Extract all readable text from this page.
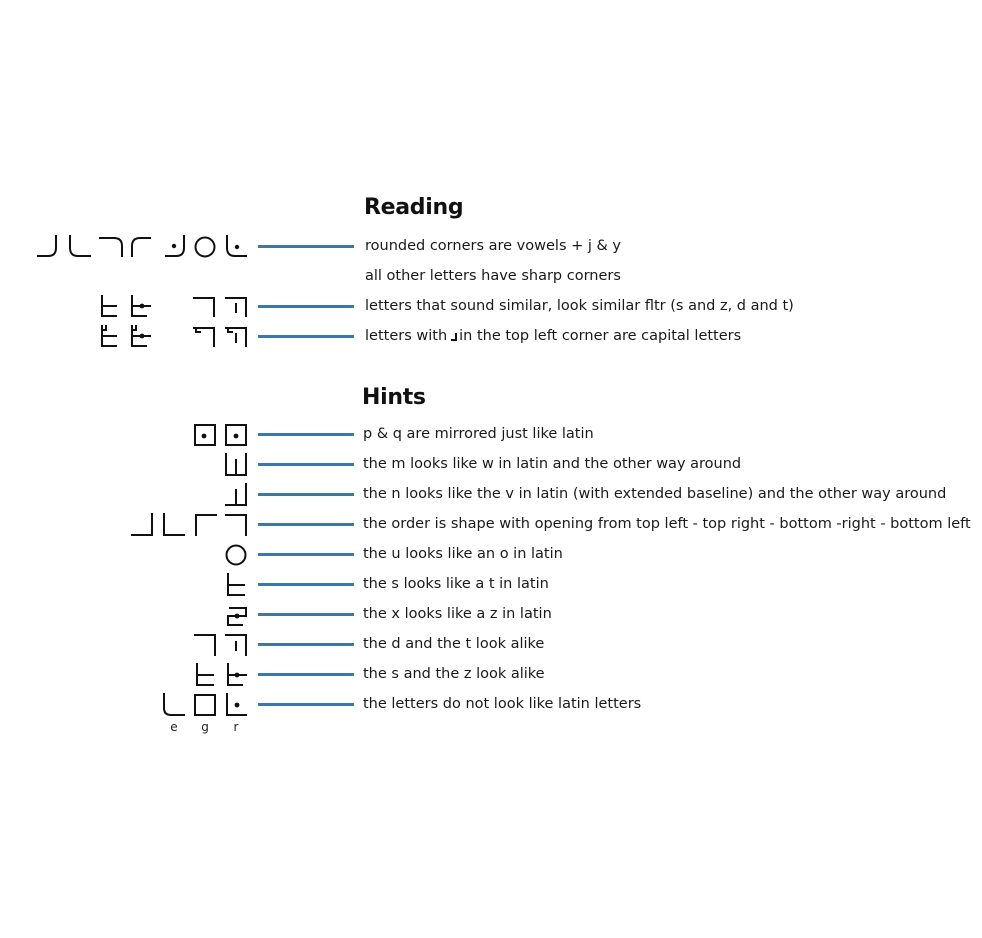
Reading
rounded corners are vowels + j & y
all other letters have sharp corners
letters that sound similar, look similar fltr (s and z, d and t)
letters with in the top left corner are capital letters
Hints
p & q are mirrored just like latin
the m looks like w in latin and the other way around
the n looks like the v in latin (with extended baseline) and the other way around
the order is shape with opening from top left - top right - bottom -right - bottom left
the u looks like an o in latin
the s looks like a t in latin
the x looks like a z in latin
the d and the t look alike
the s and the z look alike
the letters do not look like latin letters
e	g	r
